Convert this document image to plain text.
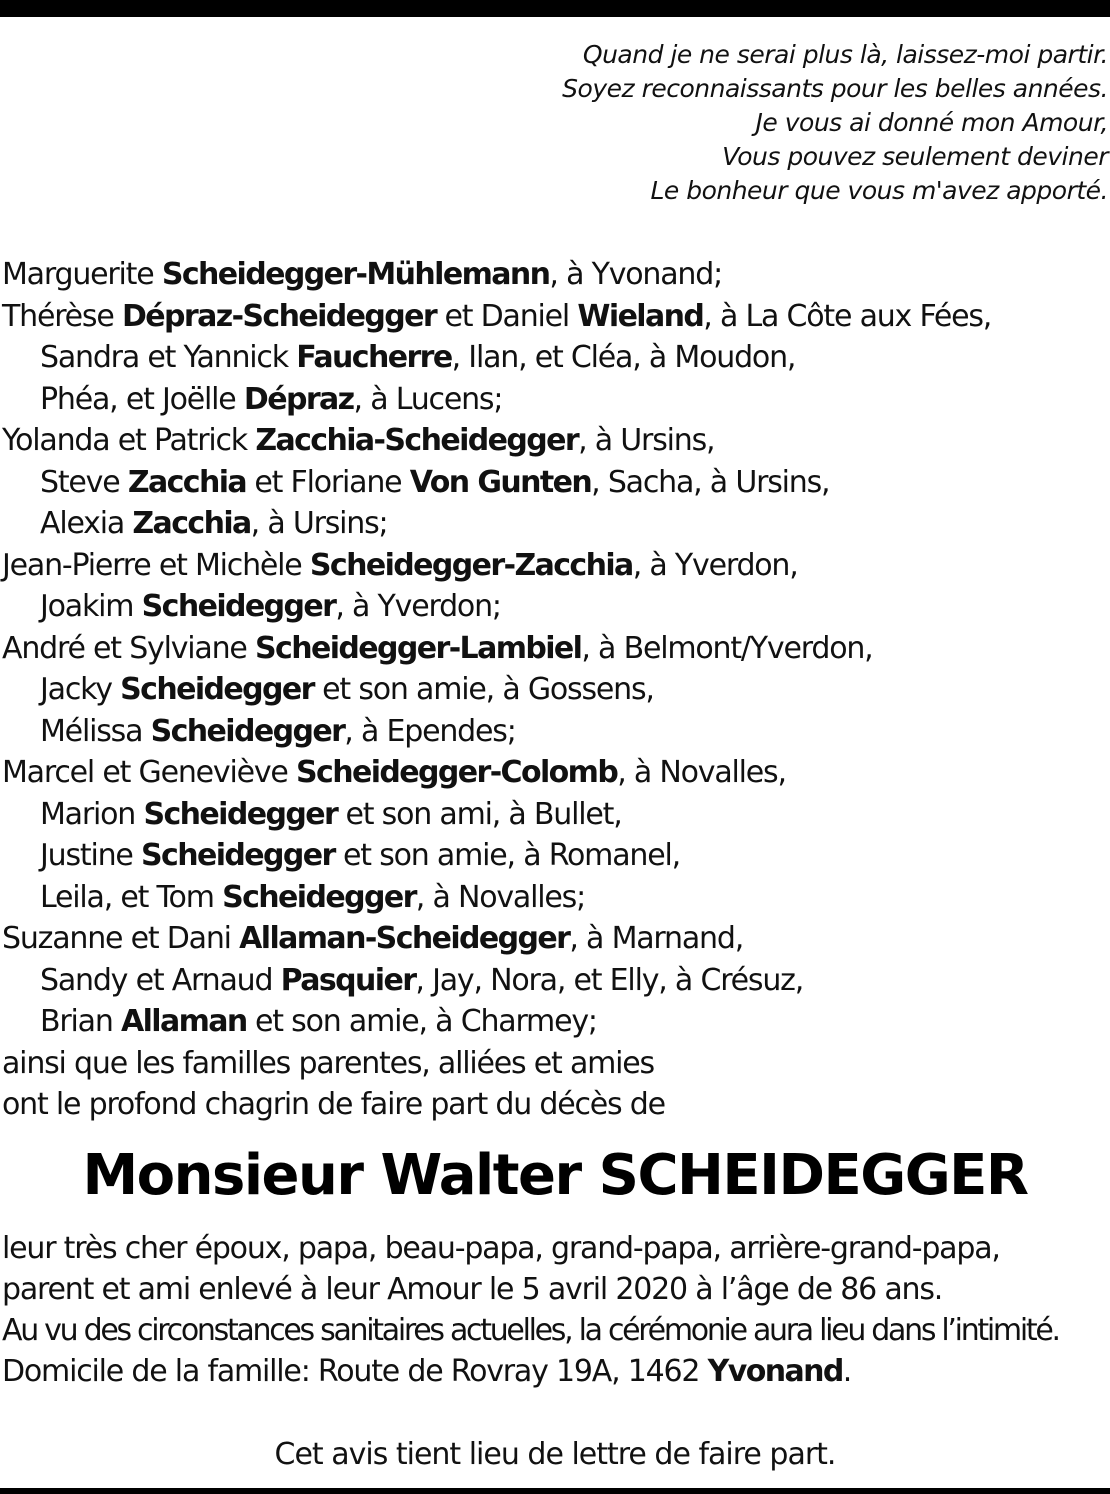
Quand je ne serai plus là, laissez-moi partir.
Soyez reconnaissants pour les belles années.
Je vous ai donné mon Amour,
Vous pouvez seulement deviner
Le bonheur que vous m'avez apporté.
Marguerite Scheidegger-Mühlemann, à Yvonand;
Thérèse Dépraz-Scheidegger et Daniel Wieland, à La Côte aux Fées,
Sandra et Yannick Faucherre, Ilan, et Cléa, à Moudon,
Phéa, et Joëlle Dépraz, à Lucens;
Yolanda et Patrick Zacchia-Scheidegger, à Ursins,
Steve Zacchia et Floriane Von Gunten, Sacha, à Ursins,
Alexia Zacchia, à Ursins;
Jean-Pierre et Michèle Scheidegger-Zacchia, à Yverdon,
Joakim Scheidegger, à Yverdon;
André et Sylviane Scheidegger-Lambiel, à Belmont/Yverdon,
Jacky Scheidegger et son amie, à Gossens,
Mélissa Scheidegger, à Ependes;
Marcel et Geneviève Scheidegger-Colomb, à Novalles,
Marion Scheidegger et son ami, à Bullet,
Justine Scheidegger et son amie, à Romanel,
Leila, et Tom Scheidegger, à Novalles;
Suzanne et Dani Allaman-Scheidegger, à Marnand,
Sandy et Arnaud Pasquier, Jay, Nora, et Elly, à Crésuz,
Brian Allaman et son amie, à Charmey;
ainsi que les familles parentes, alliées et amies
ont le profond chagrin de faire part du décès de
Monsieur Walter SCHEIDEGGER
leur très cher époux, papa, beau-papa, grand-papa, arrière-grand-papa,
parent et ami enlevé à leur Amour le 5 avril 2020 à l’âge de 86 ans.
Au vu des circonstances sanitaires actuelles, la cérémonie aura lieu dans l’intimité.
Domicile de la famille: Route de Rovray 19A, 1462 Yvonand.
Cet avis tient lieu de lettre de faire part.
